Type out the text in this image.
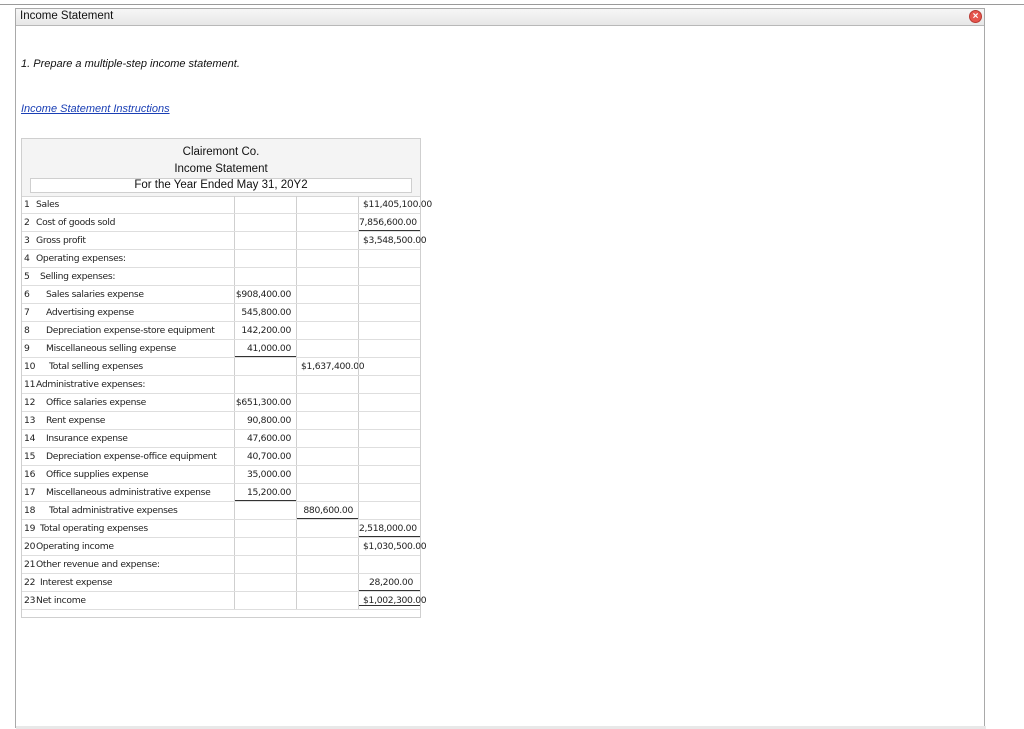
Income Statement	×
1. Prepare a multiple-step income statement.
Income Statement Instructions
Clairemont Co.
Income Statement
For the Year Ended May 31, 20Y2
1 Sales	$11,405,100.00
2 Cost of goods sold	7,856,600.00
3 Gross profit	$3,548,500.00
4 Operating expenses:
5 Selling expenses:
6 Sales salaries expense	$908,400.00
7 Advertising expense	545,800.00
8 Depreciation expense-store equipment	142,200.00
9 Miscellaneous selling expense	41,000.00
10 Total selling expenses	$1,637,400.00
11 Administrative expenses:
12 Office salaries expense	$651,300.00
13 Rent expense	90,800.00
14 Insurance expense	47,600.00
15 Depreciation expense-office equipment	40,700.00
16 Office supplies expense	35,000.00
17 Miscellaneous administrative expense	15,200.00
18 Total administrative expenses	880,600.00
19 Total operating expenses	2,518,000.00
20 Operating income	$1,030,500.00
21 Other revenue and expense:
22 Interest expense	28,200.00
23 Net income	$1,002,300.00
